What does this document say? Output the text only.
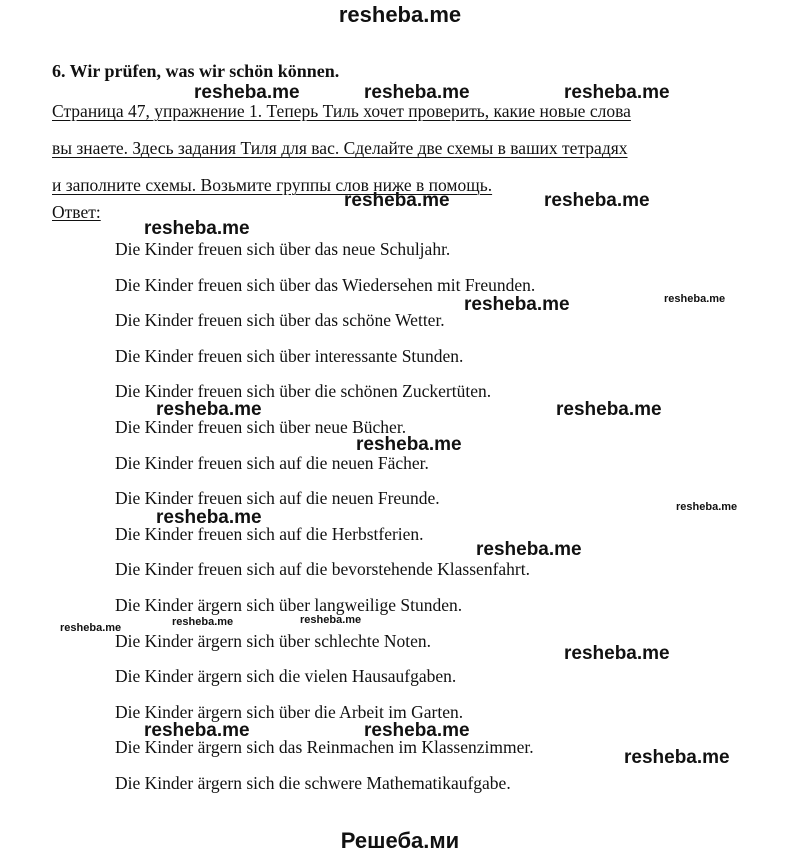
resheba.me
6. Wir prüfen, was wir schön können.
Страница 47, упражнение 1. Теперь Тиль хочет проверить, какие новые слова
вы знаете. Здесь задания Тиля для вас. Сделайте две схемы в ваших тетрадях
и заполните схемы. Возьмите группы слов ниже в помощь.
Ответ:
Die Kinder freuen sich über das neue Schuljahr.
Die Kinder freuen sich über das Wiedersehen mit Freunden.
Die Kinder freuen sich über das schöne Wetter.
Die Kinder freuen sich über interessante Stunden.
Die Kinder freuen sich über die schönen Zuckertüten.
Die Kinder freuen sich über neue Bücher.
Die Kinder freuen sich auf die neuen Fächer.
Die Kinder freuen sich auf die neuen Freunde.
Die Kinder freuen sich auf die Herbstferien.
Die Kinder freuen sich auf die bevorstehende Klassenfahrt.
Die Kinder ärgern sich über langweilige Stunden.
Die Kinder ärgern sich über schlechte Noten.
Die Kinder ärgern sich die vielen Hausaufgaben.
Die Kinder ärgern sich über die Arbeit im Garten.
Die Kinder ärgern sich das Reinmachen im Klassenzimmer.
Die Kinder ärgern sich die schwere Mathematikaufgabe.
resheba.me	resheba.me	resheba.me
resheba.me	resheba.me
resheba.me
resheba.me	resheba.me
resheba.me	resheba.me
resheba.me
resheba.me
resheba.me
resheba.me
resheba.me	resheba.me	resheba.me
resheba.me
resheba.me	resheba.me
resheba.me
Решеба.ми
